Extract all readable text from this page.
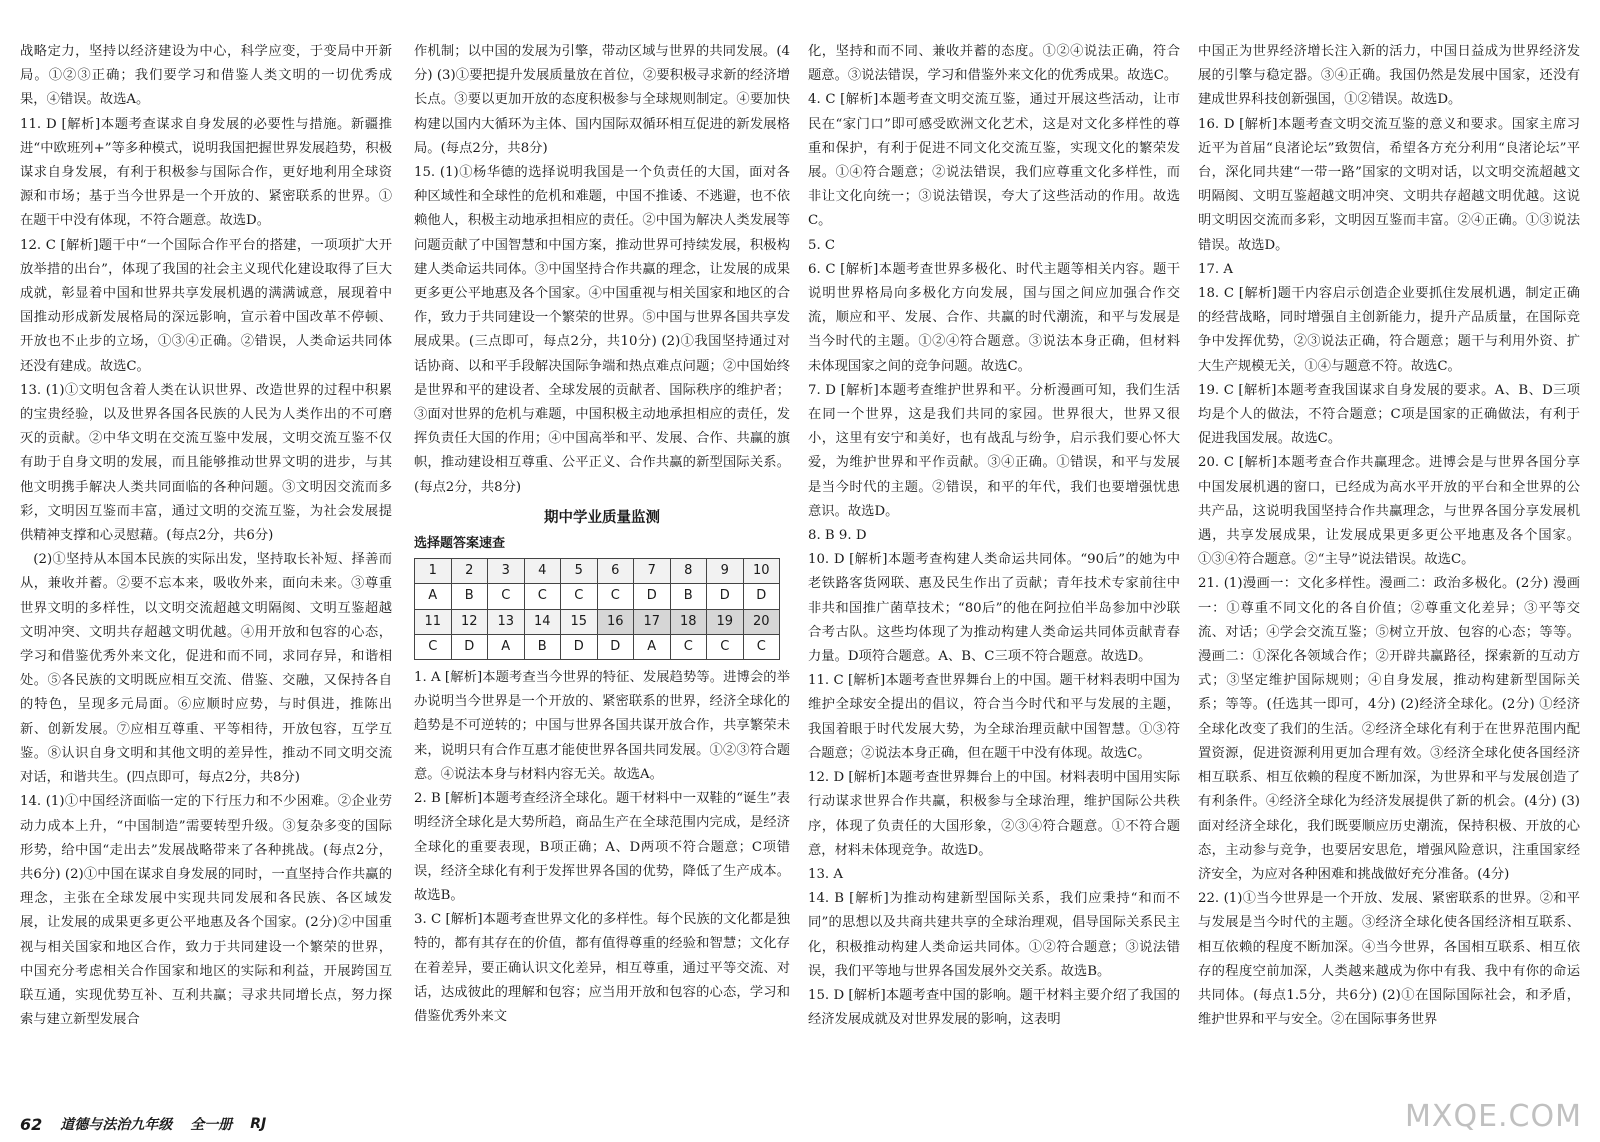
战略定力，坚持以经济建设为中心，科学应变，于变局中开新局。①②③正确；我们要学习和借鉴人类文明的一切优秀成果，④错误。故选A。

11. D [解析]本题考查谋求自身发展的必要性与措施。新疆推进“中欧班列+”等多种模式，说明我国把握世界发展趋势，积极谋求自身发展，有利于积极参与国际合作，更好地利用全球资源和市场；基于当今世界是一个开放的、紧密联系的世界。①在题干中没有体现，不符合题意。故选D。

12. C [解析]题干中“一个国际合作平台的搭建，一项项扩大开放举措的出台”，体现了我国的社会主义现代化建设取得了巨大成就，彰显着中国和世界共享发展机遇的满满诚意，展现着中国推动形成新发展格局的深远影响，宣示着中国改革不停顿、开放也不止步的立场，①③④正确。②错误，人类命运共同体还没有建成。故选C。

13. (1)①文明包含着人类在认识世界、改造世界的过程中积累的宝贵经验，以及世界各国各民族的人民为人类作出的不可磨灭的贡献。②中华文明在交流互鉴中发展，文明交流互鉴不仅有助于自身文明的发展，而且能够推动世界文明的进步，与其他文明携手解决人类共同面临的各种问题。③文明因交流而多彩，文明因互鉴而丰富，通过文明的交流互鉴，为社会发展提供精神支撑和心灵慰藉。(每点2分，共6分)

(2)①坚持从本国本民族的实际出发，坚持取长补短、择善而从，兼收并蓄。②要不忘本来，吸收外来，面向未来。③尊重世界文明的多样性，以文明交流超越文明隔阂、文明互鉴超越文明冲突、文明共存超越文明优越。④用开放和包容的心态，学习和借鉴优秀外来文化，促进和而不同，求同存异，和谐相处。⑤各民族的文明既应相互交流、借鉴、交融，又保持各自的特色，呈现多元局面。⑥应顺时应势，与时俱进，推陈出新、创新发展。⑦应相互尊重、平等相待，开放包容，互学互鉴。⑧认识自身文明和其他文明的差异性，推动不同文明交流对话，和谐共生。(四点即可，每点2分，共8分)

14. (1)①中国经济面临一定的下行压力和不少困难。②企业劳动力成本上升，“中国制造”需要转型升级。③复杂多变的国际形势，给中国“走出去”发展战略带来了各种挑战。(每点2分，共6分) (2)①中国在谋求自身发展的同时，一直坚持合作共赢的理念，主张在全球发展中实现共同发展和各民族、各区域发展，让发展的成果更多更公平地惠及各个国家。(2分)②中国重视与相关国家和地区合作，致力于共同建设一个繁荣的世界，中国充分考虑相关合作国家和地区的实际和利益，开展跨国互联互通，实现优势互补、互利共赢；寻求共同增长点，努力探索与建立新型发展合

作机制；以中国的发展为引擎，带动区域与世界的共同发展。(4分) (3)①要把提升发展质量放在首位，②要积极寻求新的经济增长点。③要以更加开放的态度积极参与全球规则制定。④要加快构建以国内大循环为主体、国内国际双循环相互促进的新发展格局。(每点2分，共8分)

15. (1)①杨华德的选择说明我国是一个负责任的大国，面对各种区域性和全球性的危机和难题，中国不推诿、不逃避，也不依赖他人，积极主动地承担相应的责任。②中国为解决人类发展等问题贡献了中国智慧和中国方案，推动世界可持续发展，积极构建人类命运共同体。③中国坚持合作共赢的理念，让发展的成果更多更公平地惠及各个国家。④中国重视与相关国家和地区的合作，致力于共同建设一个繁荣的世界。⑤中国与世界各国共享发展成果。(三点即可，每点2分，共10分) (2)①我国坚持通过对话协商、以和平手段解决国际争端和热点难点问题；②中国始终是世界和平的建设者、全球发展的贡献者、国际秩序的维护者；③面对世界的危机与难题，中国积极主动地承担相应的责任，发挥负责任大国的作用；④中国高举和平、发展、合作、共赢的旗帜，推动建设相互尊重、公平正义、合作共赢的新型国际关系。(每点2分，共8分)

期中学业质量监测
选择题答案速查
1	2	3	4	5	6	7	8	9	10
A	B	C	C	C	C	D	B	D	D
11	12	13	14	15	16	17	18	19	20
C	D	A	B	D	D	A	C	C	C

1. A [解析]本题考查当今世界的特征、发展趋势等。进博会的举办说明当今世界是一个开放的、紧密联系的世界，经济全球化的趋势是不可逆转的；中国与世界各国共谋开放合作，共享繁荣未来，说明只有合作互惠才能使世界各国共同发展。①②③符合题意。④说法本身与材料内容无关。故选A。

2. B [解析]本题考查经济全球化。题干材料中一双鞋的“诞生”表明经济全球化是大势所趋，商品生产在全球范围内完成，是经济全球化的重要表现，B项正确；A、D两项不符合题意；C项错误，经济全球化有利于发挥世界各国的优势，降低了生产成本。故选B。

3. C [解析]本题考查世界文化的多样性。每个民族的文化都是独特的，都有其存在的价值，都有值得尊重的经验和智慧；文化存在着差异，要正确认识文化差异，相互尊重，通过平等交流、对话，达成彼此的理解和包容；应当用开放和包容的心态，学习和借鉴优秀外来文

化，坚持和而不同、兼收并蓄的态度。①②④说法正确，符合题意。③说法错误，学习和借鉴外来文化的优秀成果。故选C。

4. C [解析]本题考查文明交流互鉴，通过开展这些活动，让市民在“家门口”即可感受欧洲文化艺术，这是对文化多样性的尊重和保护，有利于促进不同文化交流互鉴，实现文化的繁荣发展。①④符合题意；②说法错误，我们应尊重文化多样性，而非让文化向统一；③说法错误，夸大了这些活动的作用。故选C。

5. C

6. C [解析]本题考查世界多极化、时代主题等相关内容。题干说明世界格局向多极化方向发展，国与国之间应加强合作交流，顺应和平、发展、合作、共赢的时代潮流，和平与发展是当今时代的主题。①②④符合题意。③说法本身正确，但材料未体现国家之间的竞争问题。故选C。

7. D [解析]本题考查维护世界和平。分析漫画可知，我们生活在同一个世界，这是我们共同的家园。世界很大，世界又很小，这里有安宁和美好，也有战乱与纷争，启示我们要心怀大爱，为维护世界和平作贡献。③④正确。①错误，和平与发展是当今时代的主题。②错误，和平的年代，我们也要增强忧患意识。故选D。

8. B 9. D

10. D [解析]本题考查构建人类命运共同体。“90后”的她为中老铁路客货网联、惠及民生作出了贡献；青年技术专家前往中非共和国推广菌草技术；“80后”的他在阿拉伯半岛参加中沙联合考古队。这些均体现了为推动构建人类命运共同体贡献青春力量。D项符合题意。A、B、C三项不符合题意。故选D。

11. C [解析]本题考查世界舞台上的中国。题干材料表明中国为维护全球安全提出的倡议，符合当今时代和平与发展的主题，我国着眼于时代发展大势，为全球治理贡献中国智慧。①③符合题意；②说法本身正确，但在题干中没有体现。故选C。

12. D [解析]本题考查世界舞台上的中国。材料表明中国用实际行动谋求世界合作共赢，积极参与全球治理，维护国际公共秩序，体现了负责任的大国形象，②③④符合题意。①不符合题意，材料未体现竞争。故选D。

13. A

14. B [解析]为推动构建新型国际关系，我们应秉持“和而不同”的思想以及共商共建共享的全球治理观，倡导国际关系民主化，积极推动构建人类命运共同体。①②符合题意；③说法错误，我们平等地与世界各国发展外交关系。故选B。

15. D [解析]本题考查中国的影响。题干材料主要介绍了我国的经济发展成就及对世界发展的影响，这表明

中国正为世界经济增长注入新的活力，中国日益成为世界经济发展的引擎与稳定器。③④正确。我国仍然是发展中国家，还没有建成世界科技创新强国，①②错误。故选D。

16. D [解析]本题考查文明交流互鉴的意义和要求。国家主席习近平为首届“良渚论坛”致贺信，希望各方充分利用“良渚论坛”平台，深化同共建“一带一路”国家的文明对话，以文明交流超越文明隔阂、文明互鉴超越文明冲突、文明共存超越文明优越。这说明文明因交流而多彩，文明因互鉴而丰富。②④正确。①③说法错误。故选D。

17. A

18. C [解析]题干内容启示创造企业要抓住发展机遇，制定正确的经营战略，同时增强自主创新能力，提升产品质量，在国际竞争中发挥优势，②③说法正确，符合题意；题干与利用外资、扩大生产规模无关，①④与题意不符。故选C。

19. C [解析]本题考查我国谋求自身发展的要求。A、B、D三项均是个人的做法，不符合题意；C项是国家的正确做法，有利于促进我国发展。故选C。

20. C [解析]本题考查合作共赢理念。进博会是与世界各国分享中国发展机遇的窗口，已经成为高水平开放的平台和全世界的公共产品，这说明我国坚持合作共赢理念，与世界各国分享发展机遇，共享发展成果，让发展成果更多更公平地惠及各个国家。①③④符合题意。②“主导”说法错误。故选C。

21. (1)漫画一：文化多样性。漫画二：政治多极化。(2分) 漫画一：①尊重不同文化的各自价值；②尊重文化差异；③平等交流、对话；④学会交流互鉴；⑤树立开放、包容的心态；等等。 漫画二：①深化各领域合作；②开辟共赢路径，探索新的互动方式；③坚定维护国际规则；④自身发展，推动构建新型国际关系；等等。(任选其一即可，4分) (2)经济全球化。(2分) ①经济全球化改变了我们的生活。②经济全球化有利于在世界范围内配置资源，促进资源利用更加合理有效。③经济全球化使各国经济相互联系、相互依赖的程度不断加深，为世界和平与发展创造了有利条件。④经济全球化为经济发展提供了新的机会。(4分) (3)面对经济全球化，我们既要顺应历史潮流，保持积极、开放的心态，主动参与竞争，也要居安思危，增强风险意识，注重国家经济安全，为应对各种困难和挑战做好充分准备。(4分)

22. (1)①当今世界是一个开放、发展、紧密联系的世界。②和平与发展是当今时代的主题。③经济全球化使各国经济相互联系、相互依赖的程度不断加深。④当今世界，各国相互联系、相互依存的程度空前加深，人类越来越成为你中有我、我中有你的命运共同体。(每点1.5分，共6分) (2)①在国际国际社会，和矛盾，维护世界和平与安全。②在国际事务世界

62 道德与法治九年级 全一册 RJ	MXQE.COM
